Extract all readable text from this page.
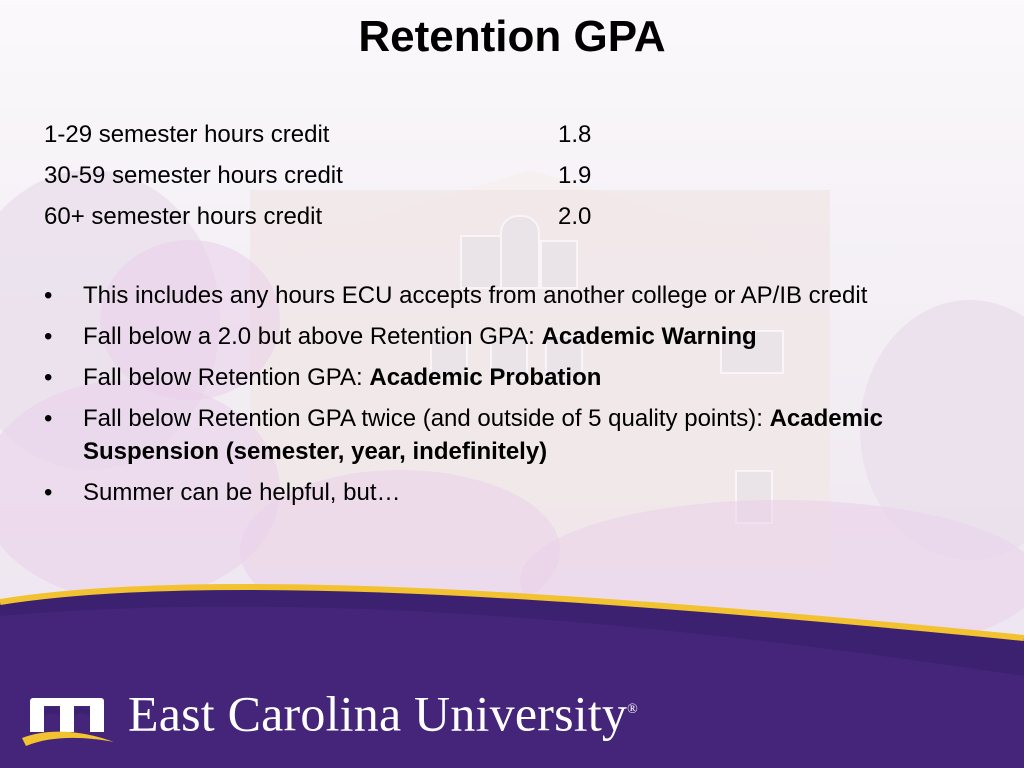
Retention GPA
1-29 semester hours credit	1.8
30-59 semester hours credit	1.9
60+ semester hours credit	2.0
• This includes any hours ECU accepts from another college or AP/IB credit
• Fall below a 2.0 but above Retention GPA: Academic Warning
• Fall below Retention GPA: Academic Probation
• Fall below Retention GPA twice (and outside of 5 quality points): Academic Suspension (semester, year, indefinitely)
• Summer can be helpful, but…
East Carolina University®
